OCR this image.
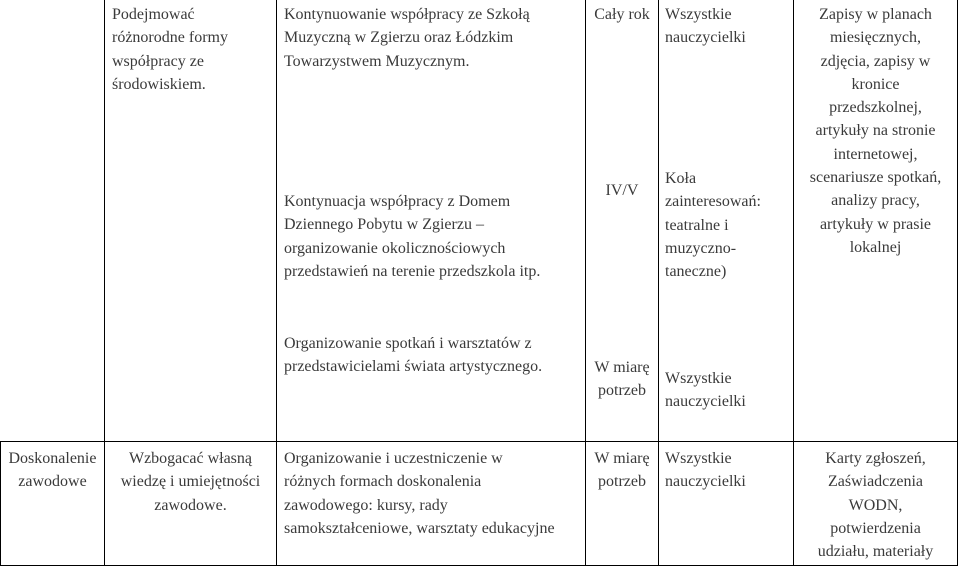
Podejmować
różnorodne formy
współpracy ze
środowiskiem.
Kontynuowanie współpracy ze Szkołą
Muzyczną w Zgierzu oraz Łódzkim
Towarzystwem Muzycznym.
Kontynuacja współpracy z Domem
Dziennego Pobytu w Zgierzu –
organizowanie okolicznościowych
przedstawień na terenie przedszkola itp.
Organizowanie spotkań i warsztatów z
przedstawicielami świata artystycznego.
Cały rok
IV/V
W miarę
potrzeb
Wszystkie
nauczycielki
Koła
zainteresowań:
teatralne i
muzyczno-
taneczne)
Wszystkie
nauczycielki
Zapisy w planach
miesięcznych,
zdjęcia, zapisy w
kronice
przedszkolnej,
artykuły na stronie
internetowej,
scenariusze spotkań,
analizy pracy,
artykuły w prasie
lokalnej
Doskonalenie
zawodowe
Wzbogacać własną
wiedzę i umiejętności
zawodowe.
Organizowanie i uczestniczenie w
różnych formach doskonalenia
zawodowego: kursy, rady
samokształceniowe, warsztaty edukacyjne
W miarę
potrzeb
Wszystkie
nauczycielki
Karty zgłoszeń,
Zaświadczenia
WODN,
potwierdzenia
udziału, materiały
